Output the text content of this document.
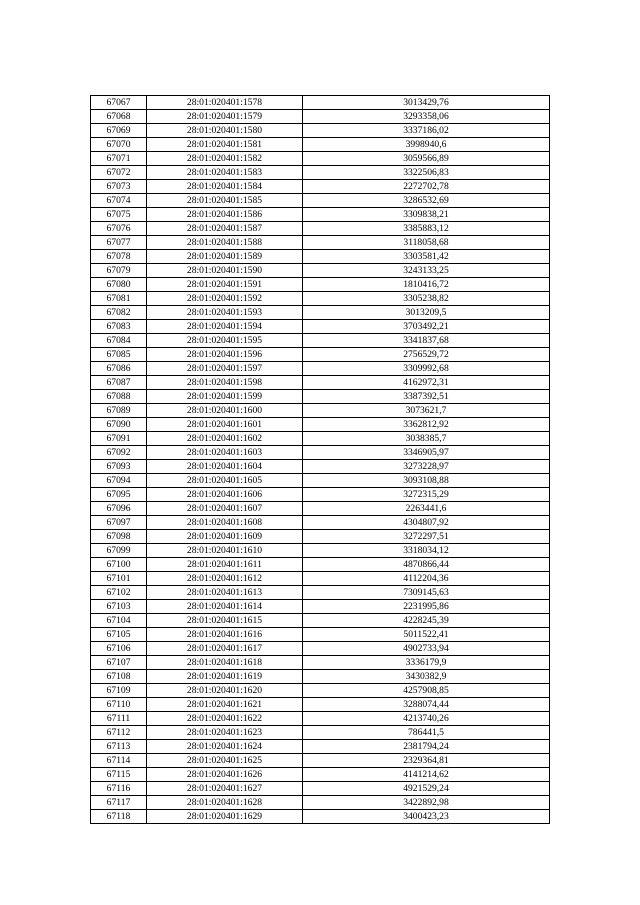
67067	28:01:020401:1578	3013429,76
67068	28:01:020401:1579	3293358,06
67069	28:01:020401:1580	3337186,02
67070	28:01:020401:1581	3998940,6
67071	28:01:020401:1582	3059566,89
67072	28:01:020401:1583	3322506,83
67073	28:01:020401:1584	2272702,78
67074	28:01:020401:1585	3286532,69
67075	28:01:020401:1586	3309838,21
67076	28:01:020401:1587	3385883,12
67077	28:01:020401:1588	3118058,68
67078	28:01:020401:1589	3303581,42
67079	28:01:020401:1590	3243133,25
67080	28:01:020401:1591	1810416,72
67081	28:01:020401:1592	3305238,82
67082	28:01:020401:1593	3013209,5
67083	28:01:020401:1594	3703492,21
67084	28:01:020401:1595	3341837,68
67085	28:01:020401:1596	2756529,72
67086	28:01:020401:1597	3309992,68
67087	28:01:020401:1598	4162972,31
67088	28:01:020401:1599	3387392,51
67089	28:01:020401:1600	3073621,7
67090	28:01:020401:1601	3362812,92
67091	28:01:020401:1602	3038385,7
67092	28:01:020401:1603	3346905,97
67093	28:01:020401:1604	3273228,97
67094	28:01:020401:1605	3093108,88
67095	28:01:020401:1606	3272315,29
67096	28:01:020401:1607	2263441,6
67097	28:01:020401:1608	4304807,92
67098	28:01:020401:1609	3272297,51
67099	28:01:020401:1610	3318034,12
67100	28:01:020401:1611	4870866,44
67101	28:01:020401:1612	4112204,36
67102	28:01:020401:1613	7309145,63
67103	28:01:020401:1614	2231995,86
67104	28:01:020401:1615	4228245,39
67105	28:01:020401:1616	5011522,41
67106	28:01:020401:1617	4902733,94
67107	28:01:020401:1618	3336179,9
67108	28:01:020401:1619	3430382,9
67109	28:01:020401:1620	4257908,85
67110	28:01:020401:1621	3288074,44
67111	28:01:020401:1622	4213740,26
67112	28:01:020401:1623	786441,5
67113	28:01:020401:1624	2381794,24
67114	28:01:020401:1625	2329364,81
67115	28:01:020401:1626	4141214,62
67116	28:01:020401:1627	4921529,24
67117	28:01:020401:1628	3422892,98
67118	28:01:020401:1629	3400423,23
